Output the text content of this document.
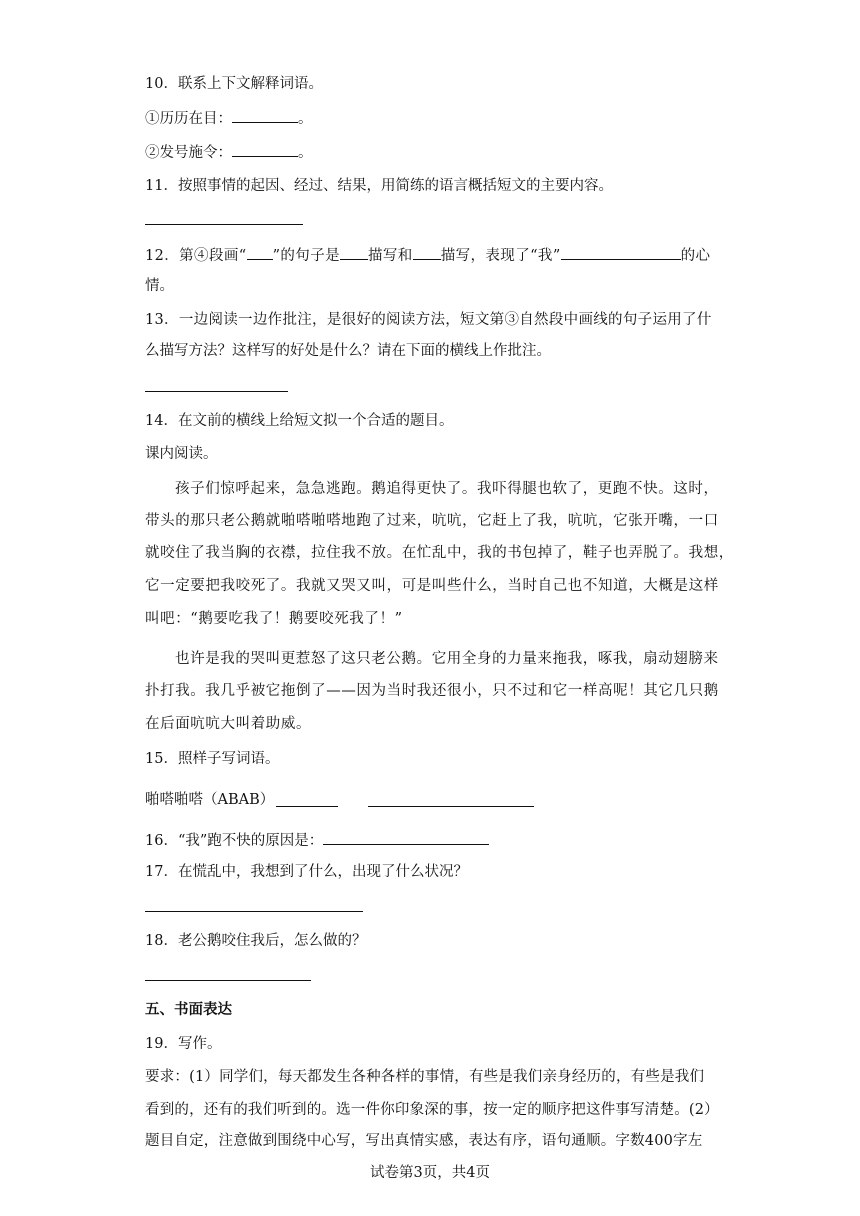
10．联系上下文解释词语。
①历历在目：	。
②发号施令：	。
11．按照事情的起因、经过、结果，用简练的语言概括短文的主要内容。
12．第④段画“ ”的句子是 描写和 描写，表现了“我”	的心
情。
13．一边阅读一边作批注，是很好的阅读方法，短文第③自然段中画线的句子运用了什
么描写方法？这样写的好处是什么？请在下面的横线上作批注。
14．在文前的横线上给短文拟一个合适的题目。
课内阅读。
孩子们惊呼起来，急急逃跑。鹅追得更快了。我吓得腿也软了，更跑不快。这时，
带头的那只老公鹅就啪嗒啪嗒地跑了过来，吭吭，它赶上了我，吭吭，它张开嘴，一口
就咬住了我当胸的衣襟，拉住我不放。在忙乱中，我的书包掉了，鞋子也弄脱了。我想，
它一定要把我咬死了。我就又哭又叫，可是叫些什么，当时自己也不知道，大概是这样
叫吧：“鹅要吃我了！鹅要咬死我了！”
也许是我的哭叫更惹怒了这只老公鹅。它用全身的力量来拖我，啄我，扇动翅膀来
扑打我。我几乎被它拖倒了——因为当时我还很小，只不过和它一样高呢！其它几只鹅
在后面吭吭大叫着助威。
15．照样子写词语。
啪嗒啪嗒（ABAB）
16．“我”跑不快的原因是：
17．在慌乱中，我想到了什么，出现了什么状况？
18．老公鹅咬住我后，怎么做的？
五、书面表达
19．写作。
要求：(1）同学们，每天都发生各种各样的事情，有些是我们亲身经历的，有些是我们
看到的，还有的我们听到的。选一件你印象深的事，按一定的顺序把这件事写清楚。(2）
题目自定，注意做到围绕中心写，写出真情实感，表达有序，语句通顺。字数400字左
试卷第3页，共4页
